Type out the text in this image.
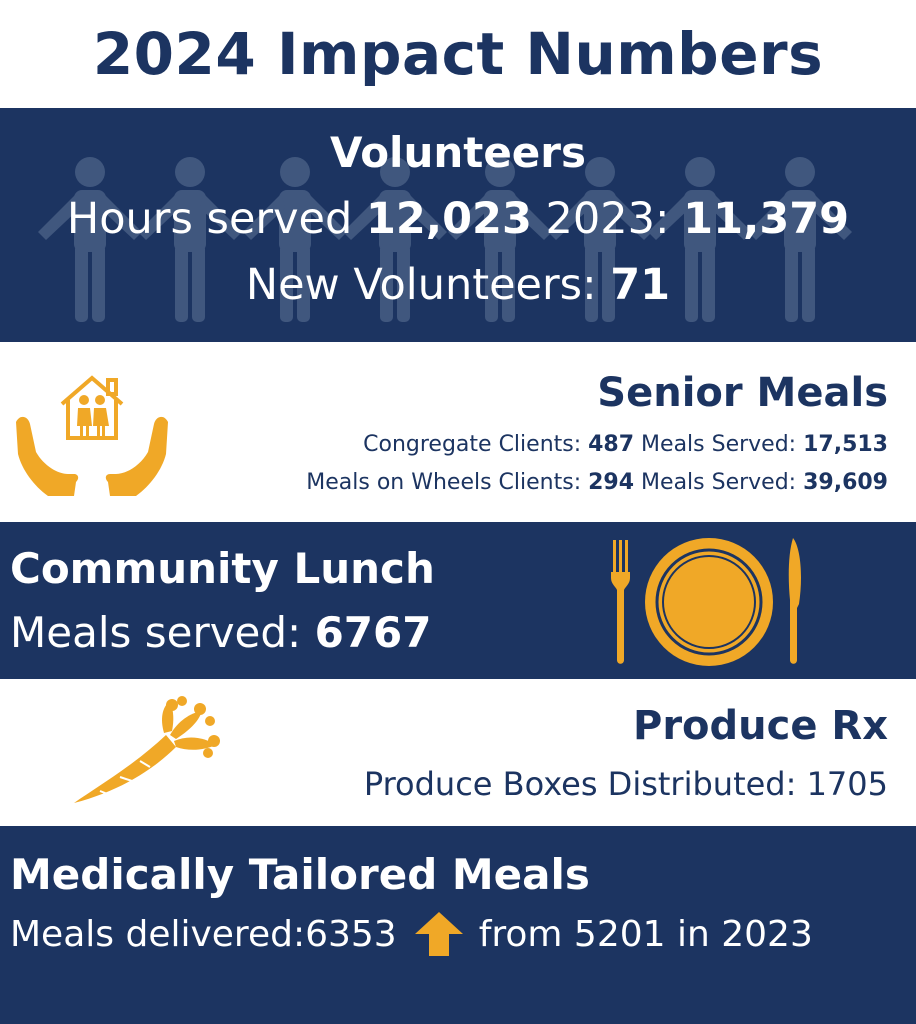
2024 Impact Numbers
Volunteers
Hours served 12,023 2023: 11,379
New Volunteers: 71
Senior Meals
Congregate Clients: 487 Meals Served: 17,513
Meals on Wheels Clients: 294 Meals Served: 39,609
Community Lunch
Meals served: 6767
Produce Rx
Produce Boxes Distributed: 1705
Medically Tailored Meals
Meals delivered: 6353 from 5201 in 2023
